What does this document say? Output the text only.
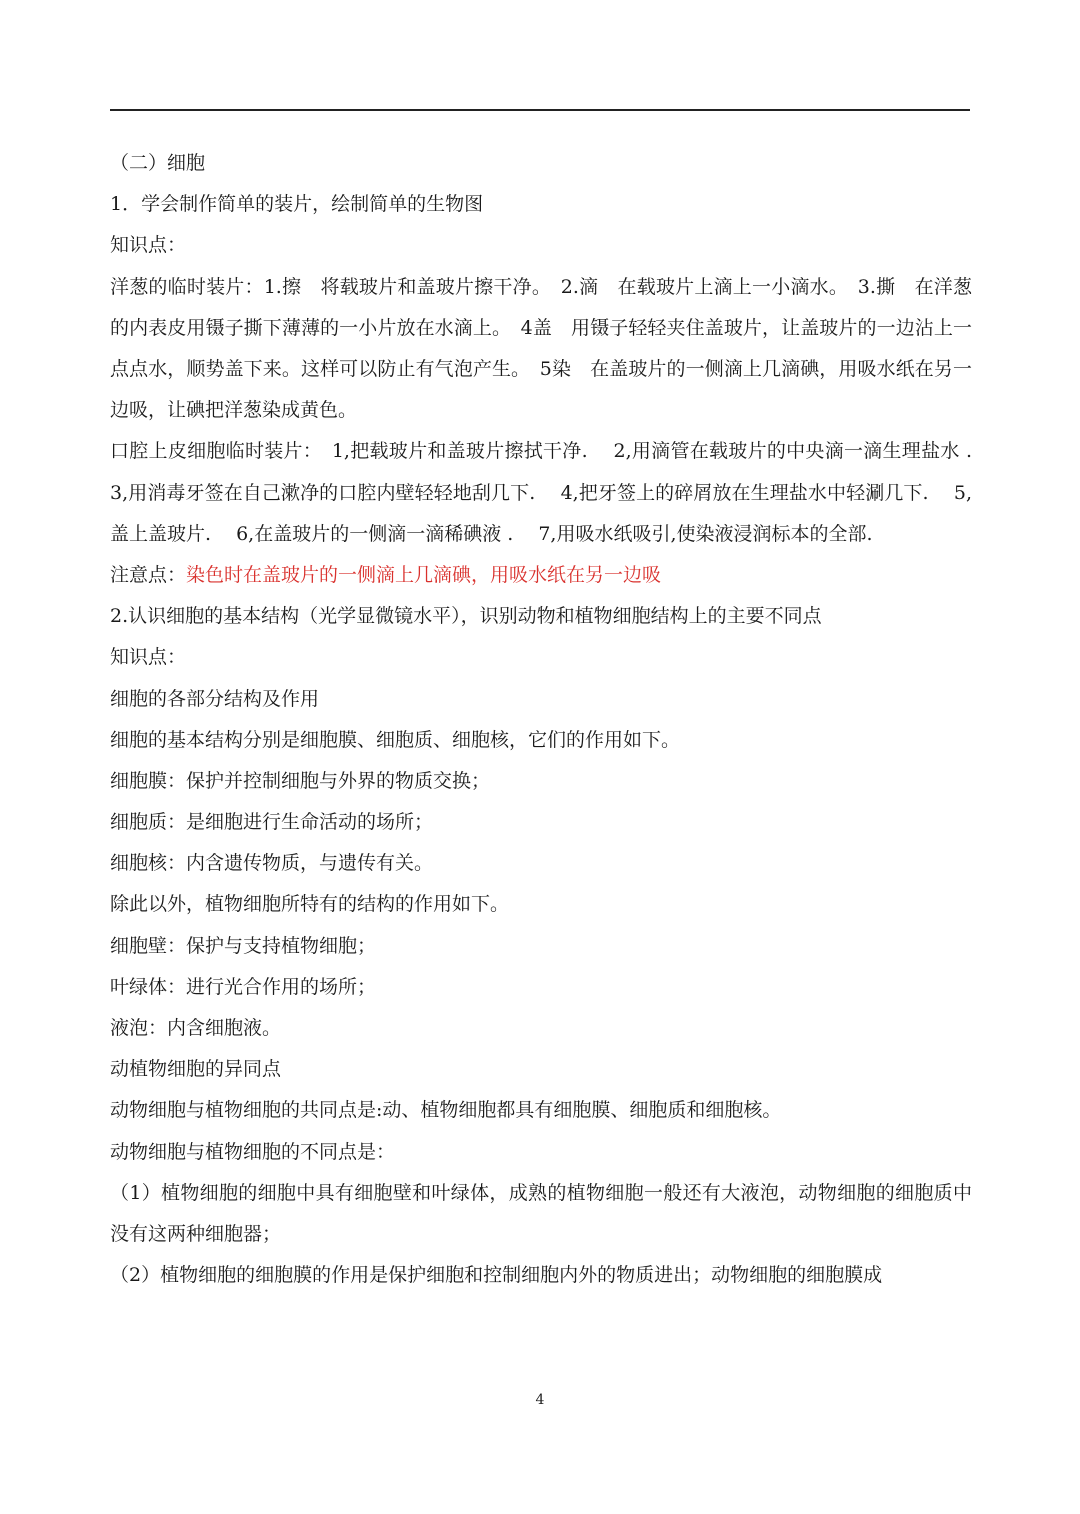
（二）细胞

1．学会制作简单的装片，绘制简单的生物图

知识点：

洋葱的临时装片：1.擦　将载玻片和盖玻片擦干净。　2.滴　在载玻片上滴上一小滴水。　3.撕　在洋葱的内表皮用镊子撕下薄薄的一小片放在水滴上。　4盖　用镊子轻轻夹住盖玻片，让盖玻片的一边沾上一点点水，顺势盖下来。这样可以防止有气泡产生。　5染　在盖玻片的一侧滴上几滴碘，用吸水纸在另一边吸，让碘把洋葱染成黄色。

口腔上皮细胞临时装片：　1,把载玻片和盖玻片擦拭干净.　 2,用滴管在载玻片的中央滴一滴生理盐水 .　 3,用消毒牙签在自己漱净的口腔内壁轻轻地刮几下.　 4,把牙签上的碎屑放在生理盐水中轻涮几下.　 5,盖上盖玻片.　 6,在盖玻片的一侧滴一滴稀碘液 .　 7,用吸水纸吸引,使染液浸润标本的全部.

注意点：染色时在盖玻片的一侧滴上几滴碘，用吸水纸在另一边吸

2.认识细胞的基本结构（光学显微镜水平），识别动物和植物细胞结构上的主要不同点

知识点：

细胞的各部分结构及作用

细胞的基本结构分别是细胞膜、细胞质、细胞核，它们的作用如下。

细胞膜：保护并控制细胞与外界的物质交换；

细胞质：是细胞进行生命活动的场所；

细胞核：内含遗传物质，与遗传有关。

除此以外，植物细胞所特有的结构的作用如下。

细胞壁：保护与支持植物细胞；

叶绿体：进行光合作用的场所；

液泡：内含细胞液。

动植物细胞的异同点

动物细胞与植物细胞的共同点是:动、植物细胞都具有细胞膜、细胞质和细胞核。

动物细胞与植物细胞的不同点是：

（1）植物细胞的细胞中具有细胞壁和叶绿体，成熟的植物细胞一般还有大液泡，动物细胞的细胞质中没有这两种细胞器；

（2）植物细胞的细胞膜的作用是保护细胞和控制细胞内外的物质进出；动物细胞的细胞膜成

4
